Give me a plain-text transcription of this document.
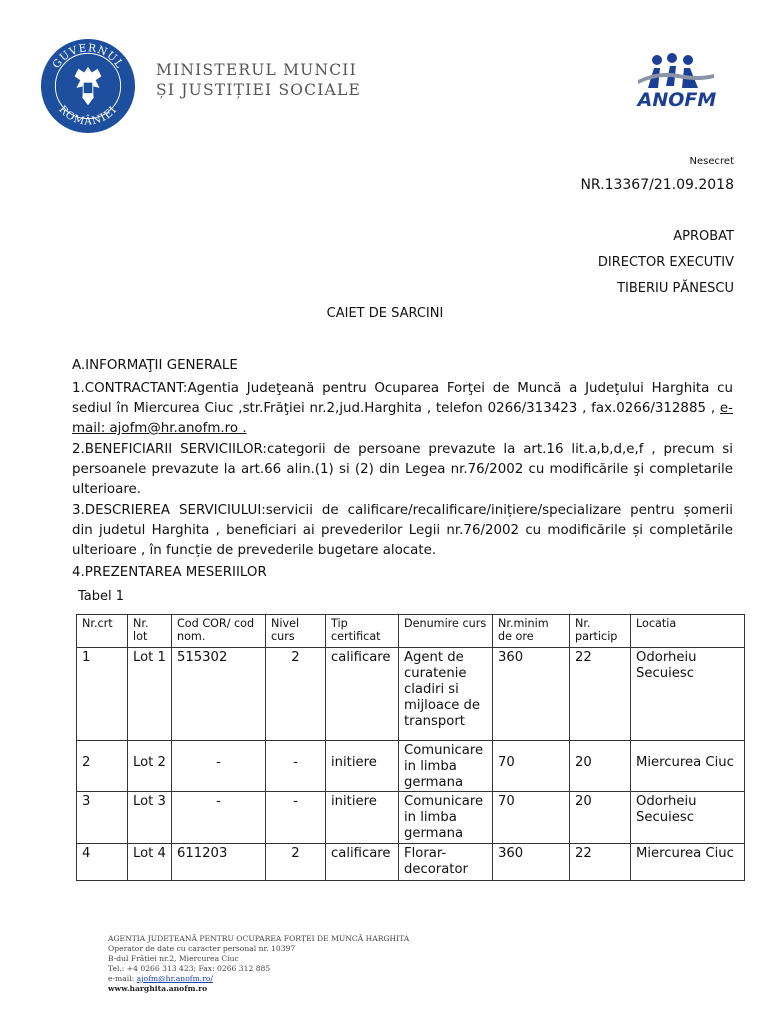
GUVERNUL
ROMÂNIEI
MINISTERUL MUNCII
ȘI JUSTIȚIEI SOCIALE	ANOFM
Nesecret
NR.13367/21.09.2018
APROBAT
DIRECTOR EXECUTIV
TIBERIU PĂNESCU
CAIET DE SARCINI
A.INFORMAŢII GENERALE
1.CONTRACTANT:Agentia Judeţeană pentru Ocuparea Forţei de Muncă a Judeţului Harghita cu sediul în Miercurea Ciuc ,str.Frăţiei nr.2,jud.Harghita , telefon 0266/313423 , fax.0266/312885 , e-mail: ajofm@hr.anofm.ro .
2.BENEFICIARII SERVICIILOR:categorii de persoane prevazute la art.16 lit.a,b,d,e,f , precum si persoanele prevazute la art.66 alin.(1) si (2) din Legea nr.76/2002 cu modificările şi completarile ulterioare.
3.DESCRIEREA SERVICIULUI:servicii de calificare/recalificare/inițiere/specializare pentru șomerii din judetul Harghita , beneficiari ai prevederilor Legii nr.76/2002 cu modificările și completările ulterioare , în funcție de prevederile bugetare alocate.
4.PREZENTAREA MESERIILOR
Tabel 1
Nr.crt	Nr. lot	Cod COR/ cod nom.	Nivel curs	Tip certificat	Denumire curs	Nr.minim de ore	Nr. particip	Locatia
1	Lot 1	515302	2	calificare	Agent de curatenie cladiri si mijloace de transport	360	22	Odorheiu Secuiesc
2	Lot 2	-	-	initiere	Comunicare in limba germana	70	20	Miercurea Ciuc
3	Lot 3	-	-	initiere	Comunicare in limba germana	70	20	Odorheiu Secuiesc
4	Lot 4	611203	2	calificare	Florar-decorator	360	22	Miercurea Ciuc
AGENȚIA JUDEȚEANĂ PENTRU OCUPAREA FORȚEI DE MUNCĂ HARGHITA
Operator de date cu caracter personal nr. 10397
B-dul Frăției nr.2, Miercurea Ciuc
Tel.: +4 0266 313 423; Fax: 0266 312 885
e-mail: ajofm@hr.anofm.ro/
www.harghita.anofm.ro
